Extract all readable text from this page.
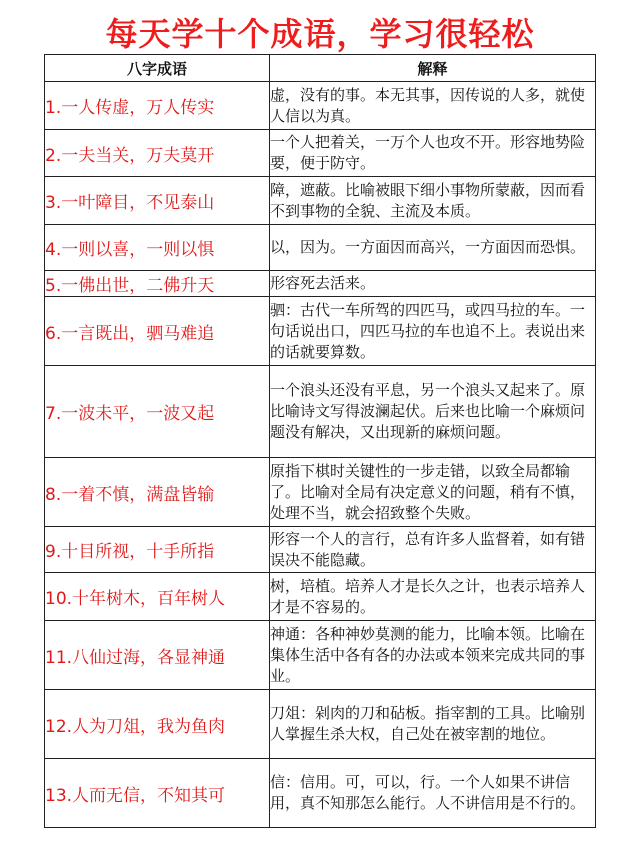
每天学十个成语，学习很轻松
八字成语	解释
1.一人传虚，万人传实	虚，没有的事。本无其事，因传说的人多，就使人信以为真。
2.一夫当关，万夫莫开	一个人把着关，一万个人也攻不开。形容地势险要，便于防守。
3.一叶障目，不见泰山	障，遮蔽。比喻被眼下细小事物所蒙蔽，因而看不到事物的全貌、主流及本质。
4.一则以喜，一则以惧	以，因为。一方面因而高兴，一方面因而恐惧。
5.一佛出世，二佛升天	形容死去活来。
6.一言既出，驷马难追	驷：古代一车所驾的四匹马，或四马拉的车。一句话说出口，四匹马拉的车也追不上。表说出来的话就要算数。
7.一波未平，一波又起	一个浪头还没有平息，另一个浪头又起来了。原比喻诗文写得波澜起伏。后来也比喻一个麻烦问题没有解决，又出现新的麻烦问题。
8.一着不慎，满盘皆输	原指下棋时关键性的一步走错，以致全局都输了。比喻对全局有决定意义的问题，稍有不慎，处理不当，就会招致整个失败。
9.十目所视，十手所指	形容一个人的言行，总有许多人监督着，如有错误决不能隐藏。
10.十年树木，百年树人	树，培植。培养人才是长久之计，也表示培养人才是不容易的。
11.八仙过海，各显神通	神通：各种神妙莫测的能力，比喻本领。比喻在集体生活中各有各的办法或本领来完成共同的事业。
12.人为刀俎，我为鱼肉	刀俎：剁肉的刀和砧板。指宰割的工具。比喻别人掌握生杀大权，自己处在被宰割的地位。
13.人而无信，不知其可	信：信用。可，可以，行。一个人如果不讲信用，真不知那怎么能行。人不讲信用是不行的。
